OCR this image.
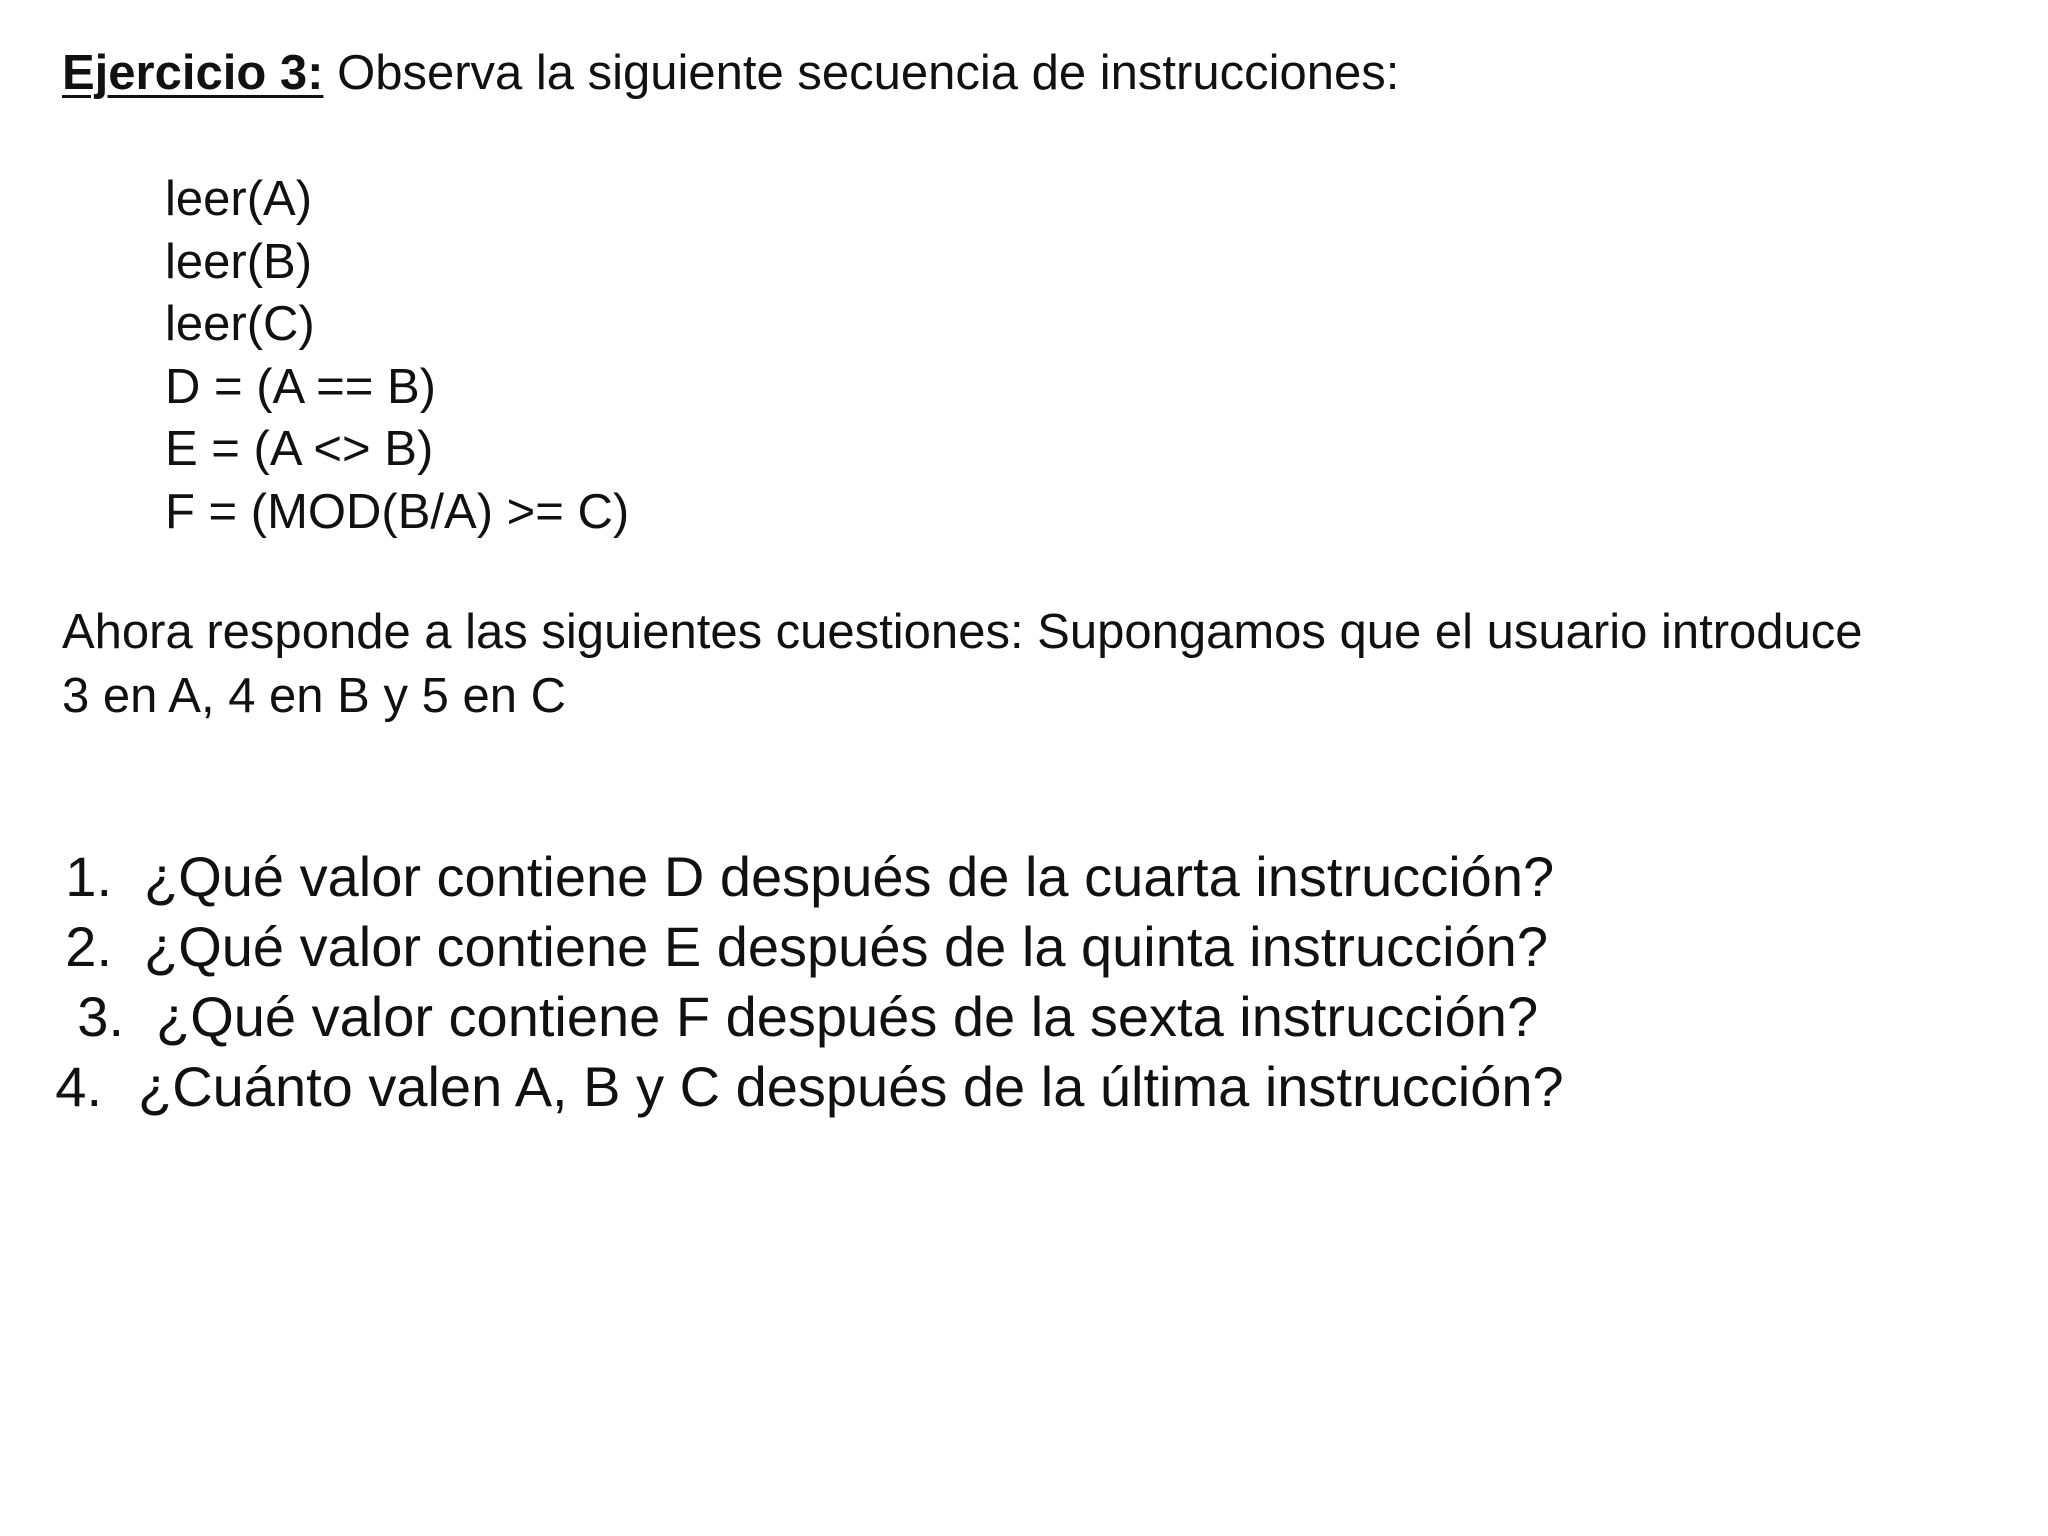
Ejercicio 3: Observa la siguiente secuencia de instrucciones:
leer(A)
leer(B)
leer(C)
D = (A == B)
E = (A <> B)
F = (MOD(B/A) >= C)
Ahora responde a las siguientes cuestiones: Supongamos que el usuario introduce
3 en A, 4 en B y 5 en C
1. ¿Qué valor contiene D después de la cuarta instrucción?
2. ¿Qué valor contiene E después de la quinta instrucción?
3. ¿Qué valor contiene F después de la sexta instrucción?
4. ¿Cuánto valen A, B y C después de la última instrucción?
